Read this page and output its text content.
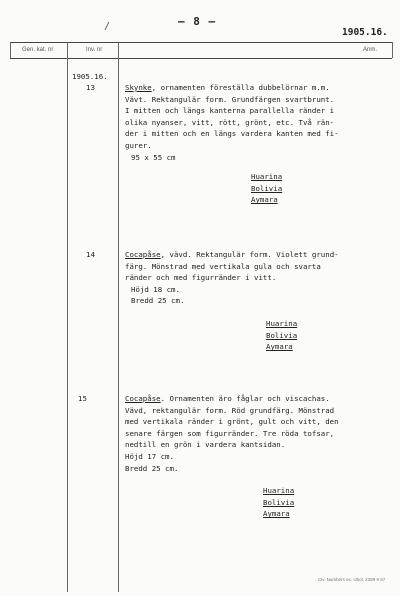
/	– 8 –
1905.16.
Gen. kat. nr	Inv. nr	Anm.
1905.16.
13	Skynke, ornamenten föreställa dubbelörnar m.m.
Vävt. Rektangulär form. Grundfärgen svartbrunt.
I mitten och längs kanterna parallella ränder i
olika nyanser, vitt, rött, grönt, etc. Två rän-
der i mitten och en längs vardera kanten med fi-
gurer.
95 x 55 cm
Huarina
Bolivia
Aymara
14	Cocapåse, vävd. Rektangulär form. Violett grund-
färg. Mönstrad med vertikala gula och svarta
ränder och med figurränder i vitt.
Höjd 18 cm.
Bredd 25 cm.
Huarina
Bolivia
Aymara
15	Cocapåse. Ornamenten äro fåglar och viscachas.
Vävd, rektangulär form. Röd grundfärg. Mönstrad
med vertikala ränder i grönt, gult och vitt, den
senare färgen som figurränder. Tre röda tofsar,
nedtill en grön i vardera kantsidan.
Höjd 17 cm.
Bredd 25 cm.
Huarina
Bolivia
Aymara
Civ. Numbers ex. Ubol. 2399 9 67
